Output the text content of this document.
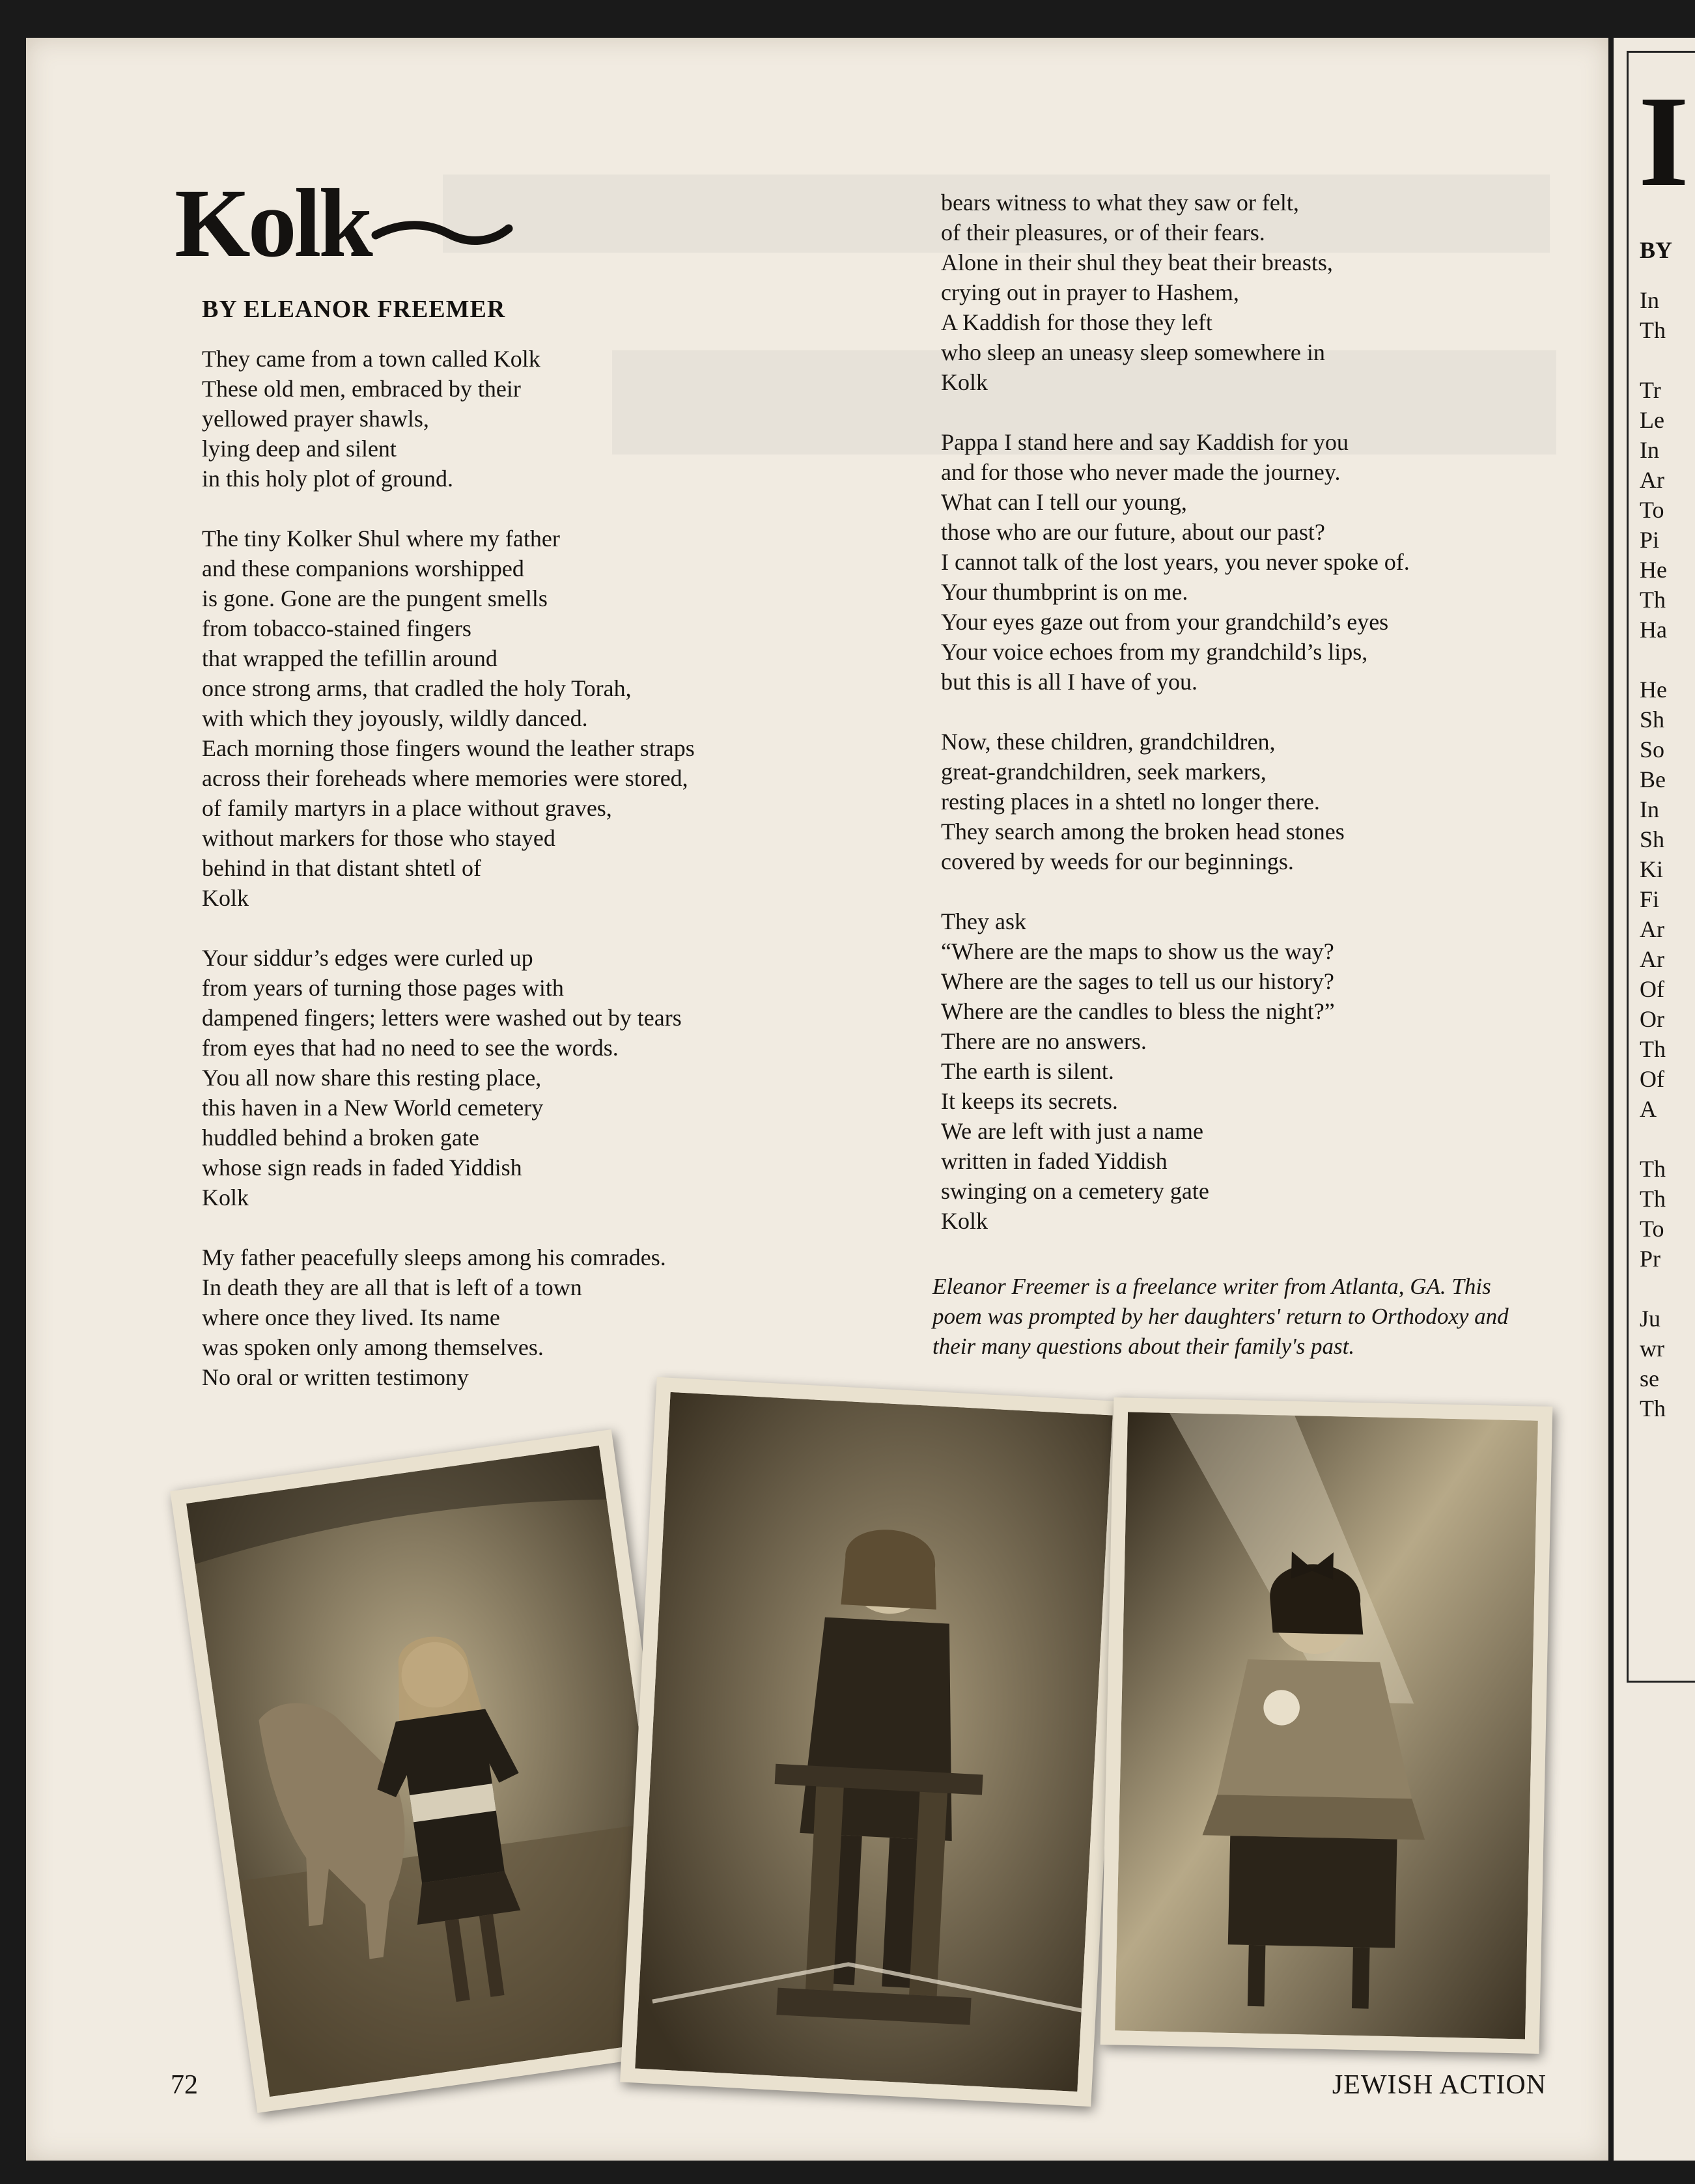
Kolk
BY ELEANOR FREEMER

They came from a town called Kolk
These old men, embraced by their
yellowed prayer shawls,
lying deep and silent
in this holy plot of ground.

The tiny Kolker Shul where my father
and these companions worshipped
is gone. Gone are the pungent smells
from tobacco-stained fingers
that wrapped the tefillin around
once strong arms, that cradled the holy Torah,
with which they joyously, wildly danced.
Each morning those fingers wound the leather straps
across their foreheads where memories were stored,
of family martyrs in a place without graves,
without markers for those who stayed
behind in that distant shtetl of
Kolk

Your siddur’s edges were curled up
from years of turning those pages with
dampened fingers; letters were washed out by tears
from eyes that had no need to see the words.
You all now share this resting place,
this haven in a New World cemetery
huddled behind a broken gate
whose sign reads in faded Yiddish
Kolk

My father peacefully sleeps among his comrades.
In death they are all that is left of a town
where once they lived. Its name
was spoken only among themselves.
No oral or written testimony

bears witness to what they saw or felt,
of their pleasures, or of their fears.
Alone in their shul they beat their breasts,
crying out in prayer to Hashem,
A Kaddish for those they left
who sleep an uneasy sleep somewhere in
Kolk

Pappa I stand here and say Kaddish for you
and for those who never made the journey.
What can I tell our young,
those who are our future, about our past?
I cannot talk of the lost years, you never spoke of.
Your thumbprint is on me.
Your eyes gaze out from your grandchild’s eyes
Your voice echoes from my grandchild’s lips,
but this is all I have of you.

Now, these children, grandchildren,
great-grandchildren, seek markers,
resting places in a shtetl no longer there.
They search among the broken head stones
covered by weeds for our beginnings.

They ask
“Where are the maps to show us the way?
Where are the sages to tell us our history?
Where are the candles to bless the night?”
There are no answers.
The earth is silent.
It keeps its secrets.
We are left with just a name
written in faded Yiddish
swinging on a cemetery gate
Kolk

Eleanor Freemer is a freelance writer from Atlanta, GA. This poem was prompted by her daughters' return to Orthodoxy and their many questions about their family's past.
72	JEWISH ACTION
I
BY
In
Th

Tr
Le
In
Ar
To
Pi
He
Th
Ha

He
Sh
So
Be
In
Sh
Ki
Fi
Ar
Ar
Of
Or
Th
Of
A

Th
Th
To
Pr

Ju
wr
se
Th
